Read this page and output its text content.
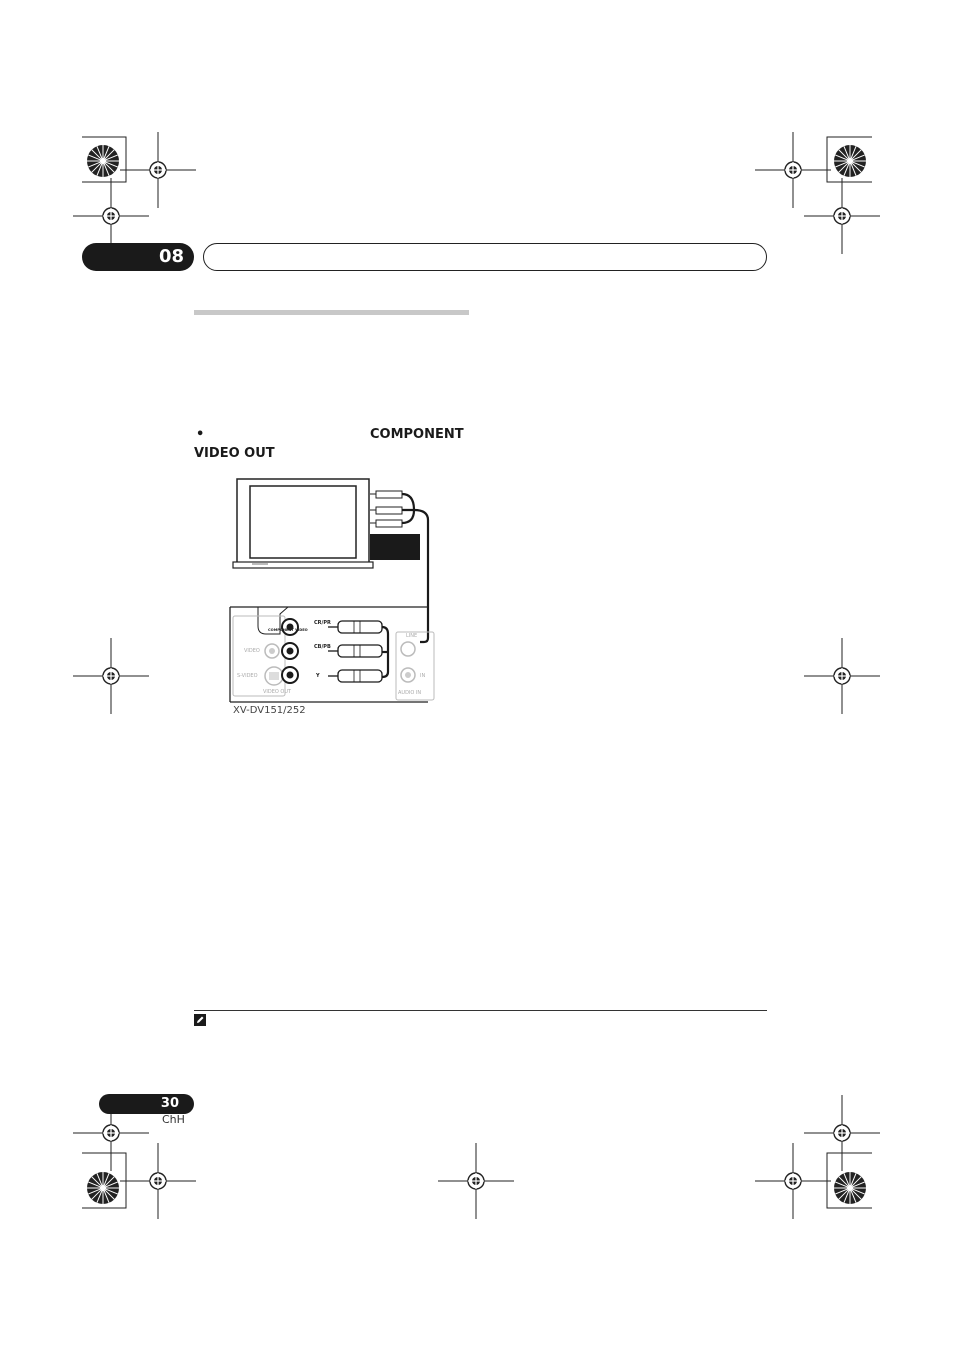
08
•	COMPONENT
VIDEO OUT
CR/PR
CB/PB
Y
COMPONENT VIDEO
VIDEO
S-VIDEO
VIDEO OUT
LINE
IN
AUDIO IN
XV-DV151/252
30
ChH
